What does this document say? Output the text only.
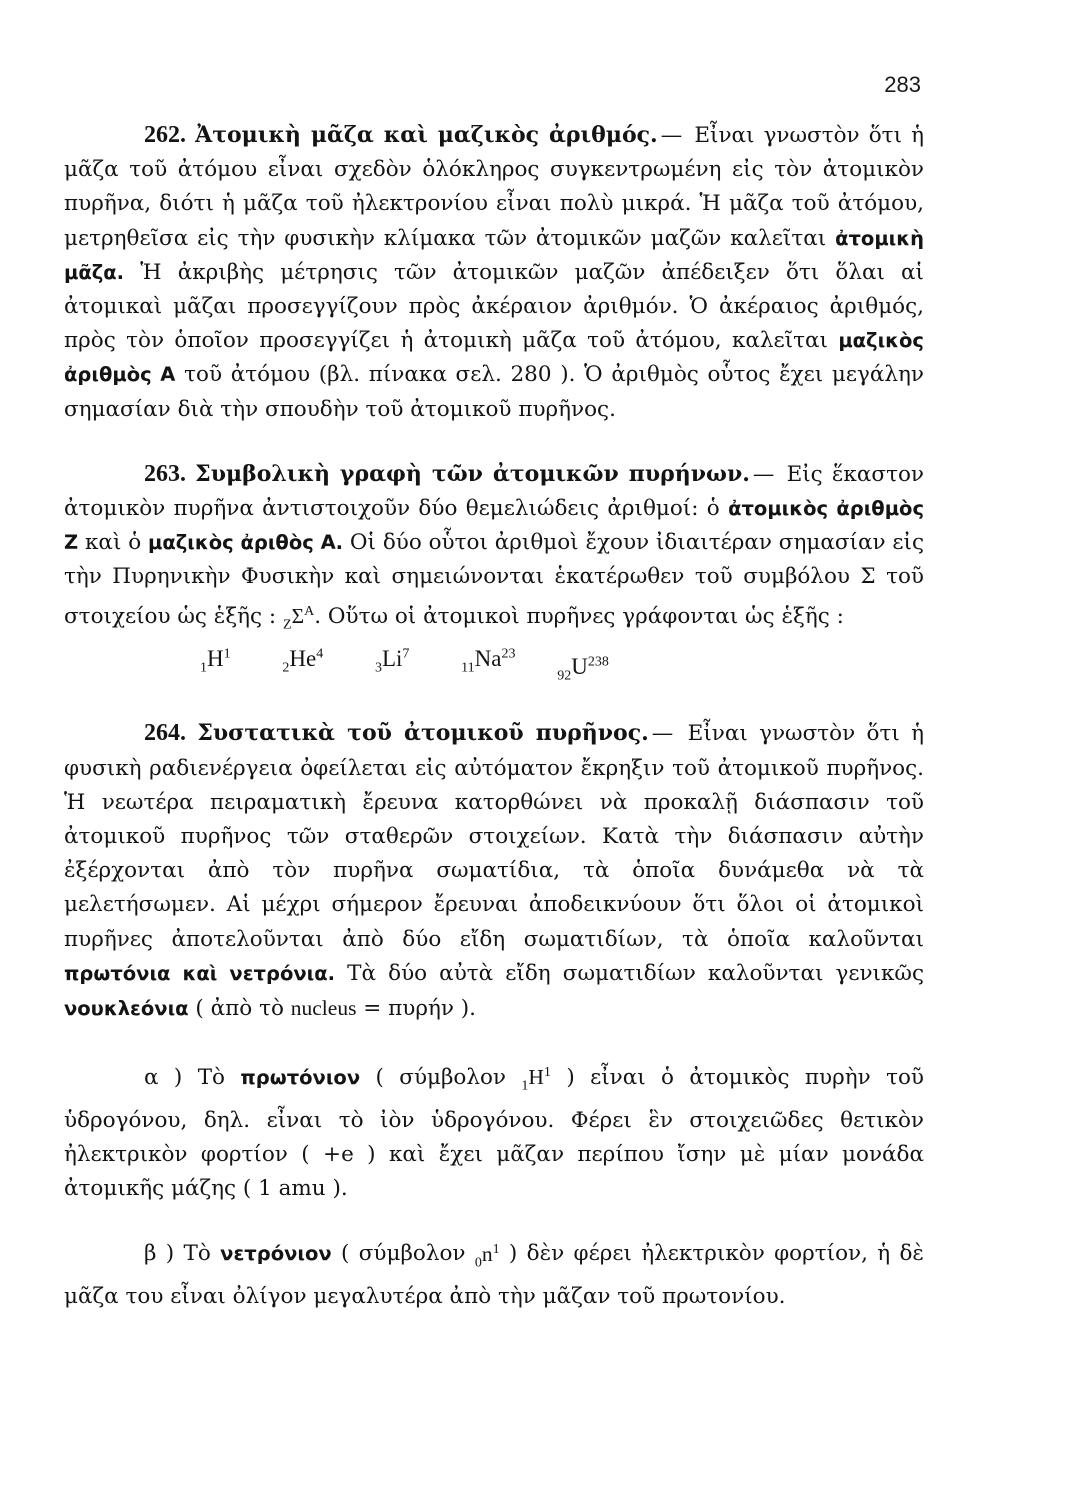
283

262. Ἀτομικὴ μᾶζα καὶ μαζικὸς ἀριθμός. — Εἶναι γνωστὸν ὅτι ἡ μᾶζα τοῦ ἀτόμου εἶναι σχεδὸν ὁλόκληρος συγκεντρωμένη εἰς τὸν ἀτομικὸν πυρῆνα, διότι ἡ μᾶζα τοῦ ἠλεκτρονίου εἶναι πολὺ μικρά. Ἡ μᾶζα τοῦ ἀτόμου, μετρηθεῖσα εἰς τὴν φυσικὴν κλίμακα τῶν ἀτομικῶν μαζῶν καλεῖται ἀτομικὴ μᾶζα. Ἡ ἀκριβὴς μέτρησις τῶν ἀτομικῶν μαζῶν ἀπέδειξεν ὅτι ὅλαι αἱ ἀτομικαὶ μᾶζαι προσεγγίζουν πρὸς ἀκέραιον ἀριθμόν. Ὁ ἀκέραιος ἀριθμός, πρὸς τὸν ὁποῖον προσεγγίζει ἡ ἀτομικὴ μᾶζα τοῦ ἀτόμου, καλεῖται μαζικὸς ἀριθμὸς Α τοῦ ἀτόμου (βλ. πίνακα σελ. 280 ). Ὁ ἀριθμὸς οὗτος ἔχει μεγάλην σημασίαν διὰ τὴν σπουδὴν τοῦ ἀτομικοῦ πυρῆνος.

263. Συμβολικὴ γραφὴ τῶν ἀτομικῶν πυρήνων. — Εἰς ἕκαστον ἀτομικὸν πυρῆνα ἀντιστοιχοῦν δύο θεμελιώδεις ἀριθμοί: ὁ ἀτομικὸς ἀριθμὸς Ζ καὶ ὁ μαζικὸς ἀριθὸς Α. Οἱ δύο οὗτοι ἀριθμοὶ ἔχουν ἰδιαιτέραν σημασίαν εἰς τὴν Πυρηνικὴν Φυσικὴν καὶ σημειώνονται ἑκατέρωθεν τοῦ συμβόλου Σ τοῦ στοιχείου ὡς ἑξῆς : $_Z\Sigma^A$. Οὕτω οἱ ἀτομικοὶ πυρῆνες γράφονται ὡς ἑξῆς :

$_1H^1$ $_2He^4$ $_3Li^7$ $_{11}Na^{23}$ $_{92}U^{238}$

264. Συστατικὰ τοῦ ἀτομικοῦ πυρῆνος. — Εἶναι γνωστὸν ὅτι ἡ φυσικὴ ραδιενέργεια ὀφείλεται εἰς αὐτόματον ἔκρηξιν τοῦ ἀτομικοῦ πυρῆνος. Ἡ νεωτέρα πειραματικὴ ἔρευνα κατορθώνει νὰ προκαλῇ διάσπασιν τοῦ ἀτομικοῦ πυρῆνος τῶν σταθερῶν στοιχείων. Κατὰ τὴν διάσπασιν αὐτὴν ἐξέρχονται ἀπὸ τὸν πυρῆνα σωματίδια, τὰ ὁποῖα δυνάμεθα νὰ τὰ μελετήσωμεν. Αἱ μέχρι σήμερον ἔρευναι ἀποδεικνύουν ὅτι ὅλοι οἱ ἀτομικοὶ πυρῆνες ἀποτελοῦνται ἀπὸ δύο εἴδη σωματιδίων, τὰ ὁποῖα καλοῦνται πρωτόνια καὶ νετρόνια. Τὰ δύο αὐτὰ εἴδη σωματιδίων καλοῦνται γενικῶς νουκλεόνια ( ἀπὸ τὸ nucleus = πυρήν ).

α ) Τὸ πρωτόνιον ( σύμβολον $_1H^1$ ) εἶναι ὁ ἀτομικὸς πυρὴν τοῦ ὑδρογόνου, δηλ. εἶναι τὸ ἰὸν ὑδρογόνου. Φέρει ἓν στοιχειῶδες θετικὸν ἠλεκτρικὸν φορτίον ( +e ) καὶ ἔχει μᾶζαν περίπου ἴσην μὲ μίαν μονάδα ἀτομικῆς μάζης ( 1 amu ).

β ) Τὸ νετρόνιον ( σύμβολον $_0n^1$ ) δὲν φέρει ἠλεκτρικὸν φορτίον, ἡ δὲ μᾶζα του εἶναι ὀλίγον μεγαλυτέρα ἀπὸ τὴν μᾶζαν τοῦ πρωτονίου.
